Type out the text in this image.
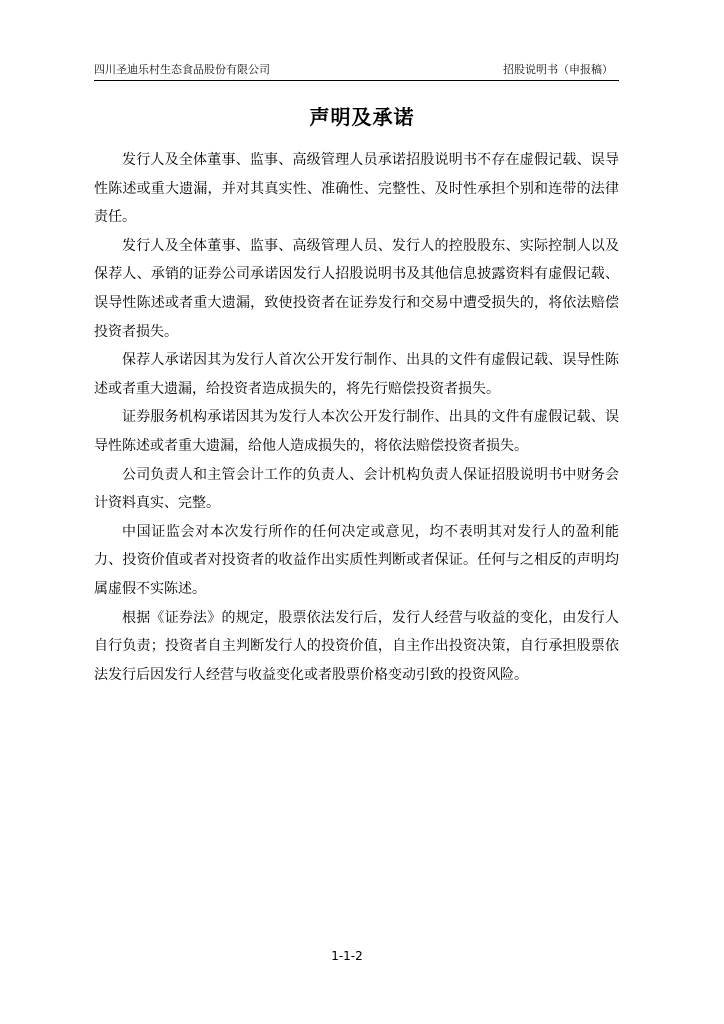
四川圣迪乐村生态食品股份有限公司	招股说明书（申报稿）
声明及承诺

发行人及全体董事、监事、高级管理人员承诺招股说明书不存在虚假记载、误导性陈述或重大遗漏，并对其真实性、准确性、完整性、及时性承担个别和连带的法律责任。

发行人及全体董事、监事、高级管理人员、发行人的控股股东、实际控制人以及保荐人、承销的证券公司承诺因发行人招股说明书及其他信息披露资料有虚假记载、误导性陈述或者重大遗漏，致使投资者在证券发行和交易中遭受损失的，将依法赔偿投资者损失。

保荐人承诺因其为发行人首次公开发行制作、出具的文件有虚假记载、误导性陈述或者重大遗漏，给投资者造成损失的，将先行赔偿投资者损失。

证券服务机构承诺因其为发行人本次公开发行制作、出具的文件有虚假记载、误导性陈述或者重大遗漏，给他人造成损失的，将依法赔偿投资者损失。

公司负责人和主管会计工作的负责人、会计机构负责人保证招股说明书中财务会计资料真实、完整。

中国证监会对本次发行所作的任何决定或意见，均不表明其对发行人的盈利能力、投资价值或者对投资者的收益作出实质性判断或者保证。任何与之相反的声明均属虚假不实陈述。

根据《证券法》的规定，股票依法发行后，发行人经营与收益的变化，由发行人自行负责；投资者自主判断发行人的投资价值，自主作出投资决策，自行承担股票依法发行后因发行人经营与收益变化或者股票价格变动引致的投资风险。

1-1-2
